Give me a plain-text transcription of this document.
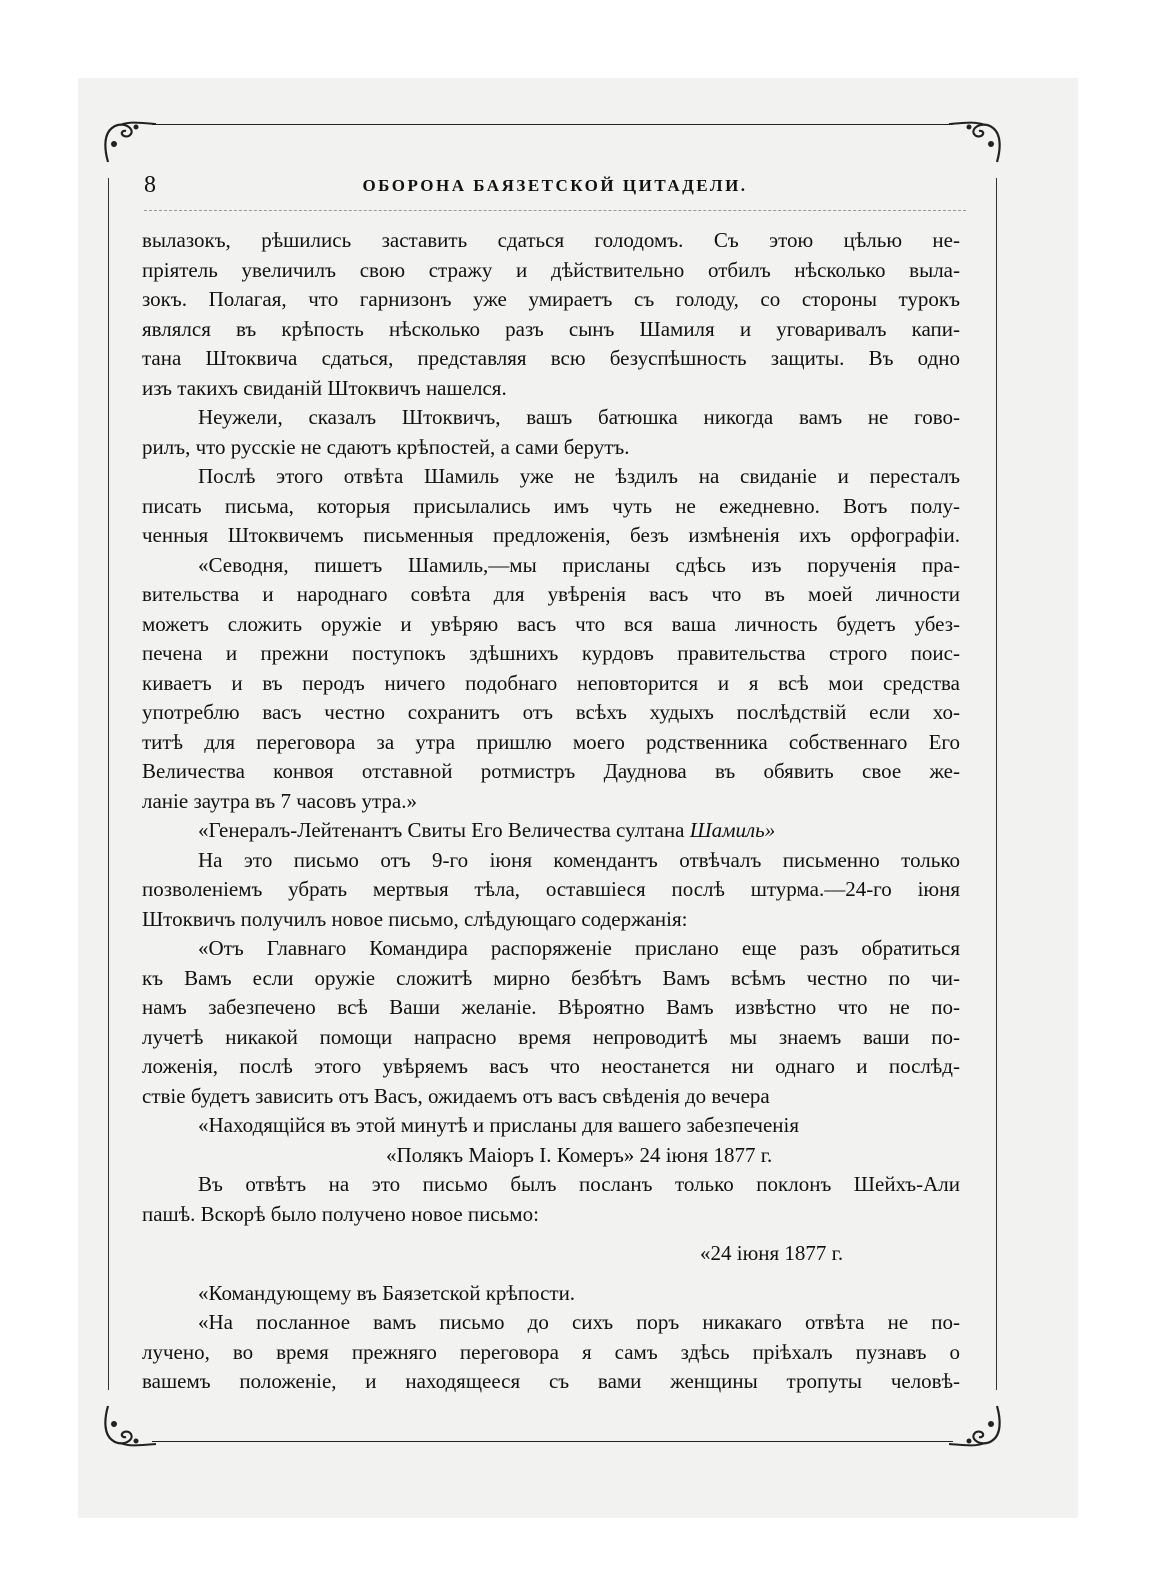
8	ОБОРОНА БАЯЗЕТСКОЙ ЦИТАДЕЛИ.
вылазокъ, рѣшились заставить сдаться голодомъ. Съ этою цѣлью не-
пріятель увеличилъ свою стражу и дѣйствительно отбилъ нѣсколько выла-
зокъ. Полагая, что гарнизонъ уже умираетъ съ голоду, со стороны турокъ
являлся въ крѣпость нѣсколько разъ сынъ Шамиля и уговаривалъ капи-
тана Штоквича сдаться, представляя всю безуспѣшность защиты. Въ одно
изъ такихъ свиданій Штоквичъ нашелся.
Неужели, сказалъ Штоквичъ, вашъ батюшка никогда вамъ не гово-
рилъ, что русскіе не сдаютъ крѣпостей, а сами берутъ.
Послѣ этого отвѣта Шамиль уже не ѣздилъ на свиданіе и пересталъ
писать письма, которыя присылались имъ чуть не ежедневно. Вотъ полу-
ченныя Штоквичемъ письменныя предложенія, безъ измѣненія ихъ орфографіи.
«Севодня, пишетъ Шамиль,—мы присланы сдѣсь изъ порученія пра-
вительства и народнаго совѣта для увѣренія васъ что въ моей личности
можетъ сложить оружіе и увѣряю васъ что вся ваша личность будетъ убез-
печена и прежни поступокъ здѣшнихъ курдовъ правительства строго поис-
киваетъ и въ перодъ ничего подобнаго неповторится и я всѣ мои средства
употреблю васъ честно сохранитъ отъ всѣхъ худыхъ послѣдствій если хо-
титѣ для переговора за утра пришлю моего родственника собственнаго Его
Величества конвоя отставной ротмистръ Дауднова въ обявить свое же-
ланіе заутра въ 7 часовъ утра.»
«Генералъ-Лейтенантъ Свиты Его Величества султана Шамиль»
На это письмо отъ 9-го іюня комендантъ отвѣчалъ письменно только
позволеніемъ убрать мертвыя тѣла, оставшіеся послѣ штурма.—24-го іюня
Штоквичъ получилъ новое письмо, слѣдующаго содержанія:
«Отъ Главнаго Командира распоряженіе прислано еще разъ обратиться
къ Вамъ если оружіе сложитѣ мирно безбѣтъ Вамъ всѣмъ честно по чи-
намъ забезпечено всѣ Ваши желаніе. Вѣроятно Вамъ извѣстно что не по-
лучетѣ никакой помощи напрасно время непроводитѣ мы знаемъ ваши по-
ложенія, послѣ этого увѣряемъ васъ что неостанется ни однаго и послѣд-
ствіе будетъ зависить отъ Васъ, ожидаемъ отъ васъ свѣденія до вечера
«Находящійся въ этой минутѣ и присланы для вашего забезпеченія
«Полякъ Маіоръ І. Комеръ» 24 іюня 1877 г.
Въ отвѣтъ на это письмо былъ посланъ только поклонъ Шейхъ-Али
пашѣ. Вскорѣ было получено новое письмо:
«24 іюня 1877 г.
«Командующему въ Баязетской крѣпости.
«На посланное вамъ письмо до сихъ поръ никакаго отвѣта не по-
лучено, во время прежняго переговора я самъ здѣсь пріѣхалъ пузнавъ о
вашемъ положеніе, и находящееся съ вами женщины тропуты человѣ-
